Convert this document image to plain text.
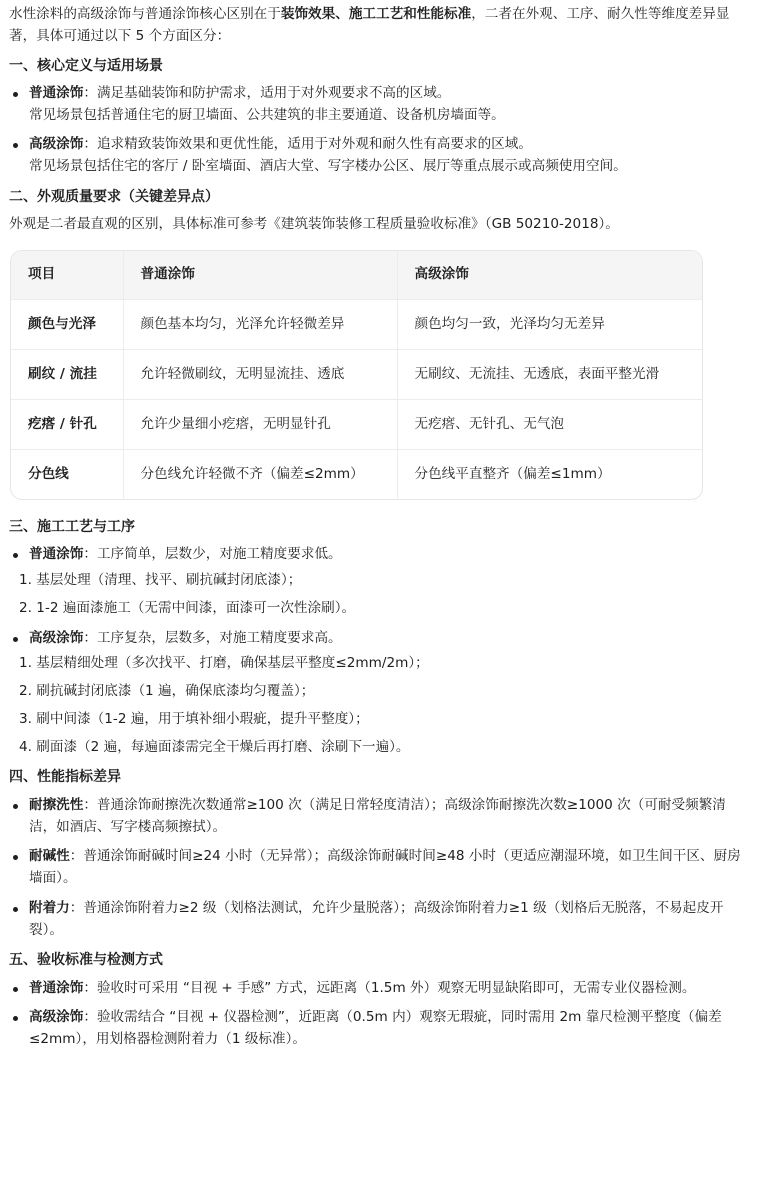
水性涂料的高级涂饰与普通涂饰核心区别在于装饰效果、施工工艺和性能标准，二者在外观、工序、耐久性等维度差异显著，具体可通过以下 5 个方面区分：

一、核心定义与适用场景
普通涂饰：满足基础装饰和防护需求，适用于对外观要求不高的区域。
常见场景包括普通住宅的厨卫墙面、公共建筑的非主要通道、设备机房墙面等。
高级涂饰：追求精致装饰效果和更优性能，适用于对外观和耐久性有高要求的区域。
常见场景包括住宅的客厅 / 卧室墙面、酒店大堂、写字楼办公区、展厅等重点展示或高频使用空间。
二、外观质量要求（关键差异点）

外观是二者最直观的区别，具体标准可参考《建筑装饰装修工程质量验收标准》（GB 50210-2018）。

项目	普通涂饰	高级涂饰
颜色与光泽	颜色基本均匀，光泽允许轻微差异	颜色均匀一致，光泽均匀无差异
刷纹 / 流挂	允许轻微刷纹，无明显流挂、透底	无刷纹、无流挂、无透底，表面平整光滑
疙瘩 / 针孔	允许少量细小疙瘩，无明显针孔	无疙瘩、无针孔、无气泡
分色线	分色线允许轻微不齐（偏差≤2mm）	分色线平直整齐（偏差≤1mm）
三、施工工艺与工序
普通涂饰：工序简单，层数少，对施工精度要求低。
1. 基层处理（清理、找平、刷抗碱封闭底漆）；
2. 1-2 遍面漆施工（无需中间漆，面漆可一次性涂刷）。
高级涂饰：工序复杂，层数多，对施工精度要求高。
1. 基层精细处理（多次找平、打磨，确保基层平整度≤2mm/2m）；
2. 刷抗碱封闭底漆（1 遍，确保底漆均匀覆盖）；
3. 刷中间漆（1-2 遍，用于填补细小瑕疵，提升平整度）；
4. 刷面漆（2 遍，每遍面漆需完全干燥后再打磨、涂刷下一遍）。
四、性能指标差异
耐擦洗性：普通涂饰耐擦洗次数通常≥100 次（满足日常轻度清洁）；高级涂饰耐擦洗次数≥1000 次（可耐受频繁清洁，如酒店、写字楼高频擦拭）。
耐碱性：普通涂饰耐碱时间≥24 小时（无异常）；高级涂饰耐碱时间≥48 小时（更适应潮湿环境，如卫生间干区、厨房墙面）。
附着力：普通涂饰附着力≥2 级（划格法测试，允许少量脱落）；高级涂饰附着力≥1 级（划格后无脱落，不易起皮开裂）。
五、验收标准与检测方式
普通涂饰：验收时可采用 “目视 + 手感” 方式，远距离（1.5m 外）观察无明显缺陷即可，无需专业仪器检测。
高级涂饰：验收需结合 “目视 + 仪器检测”，近距离（0.5m 内）观察无瑕疵，同时需用 2m 靠尺检测平整度（偏差≤2mm），用划格器检测附着力（1 级标准）。
